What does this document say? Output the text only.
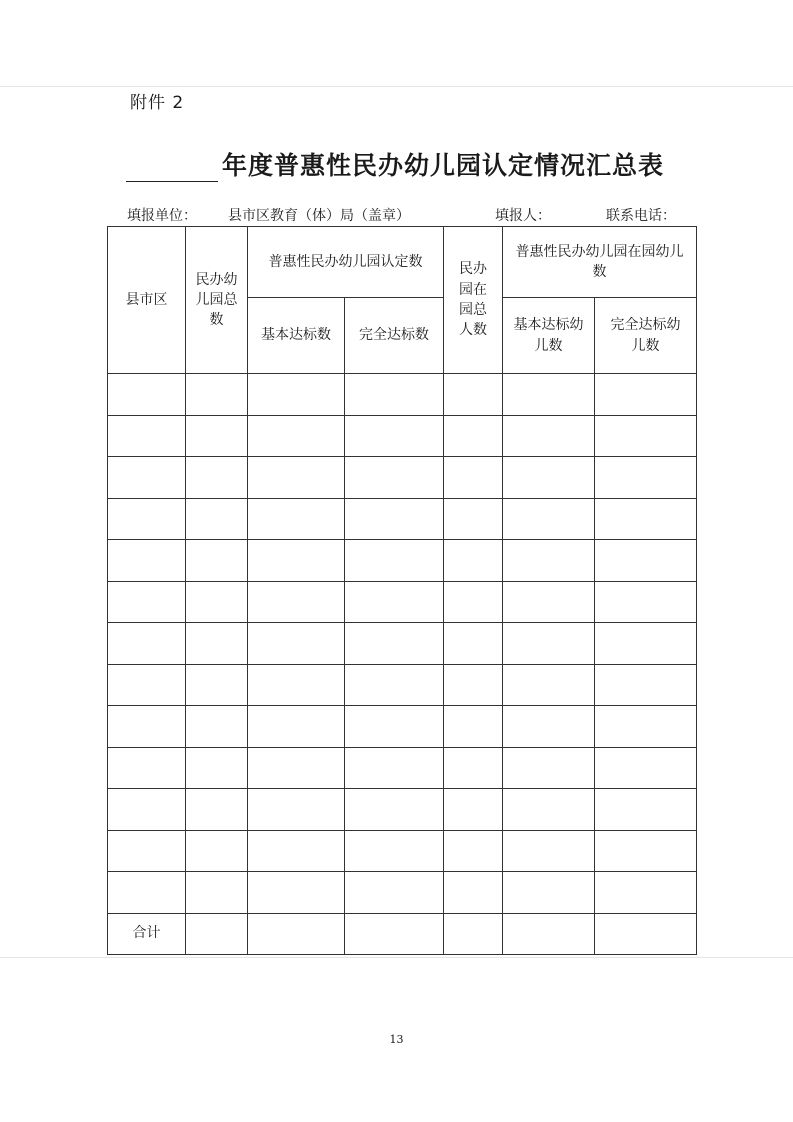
附件 2
年度普惠性民办幼儿园认定情况汇总表
填报单位： 县市区教育（体）局（盖章）	填报人：	联系电话：
县市区	民办幼儿园总数	普惠性民办幼儿园认定数		民办园在园总人数	普惠性民办幼儿园在园幼儿数	

		基本达标数	完全达标数		基本达标幼儿数	完全达标幼儿数

合计						
13
